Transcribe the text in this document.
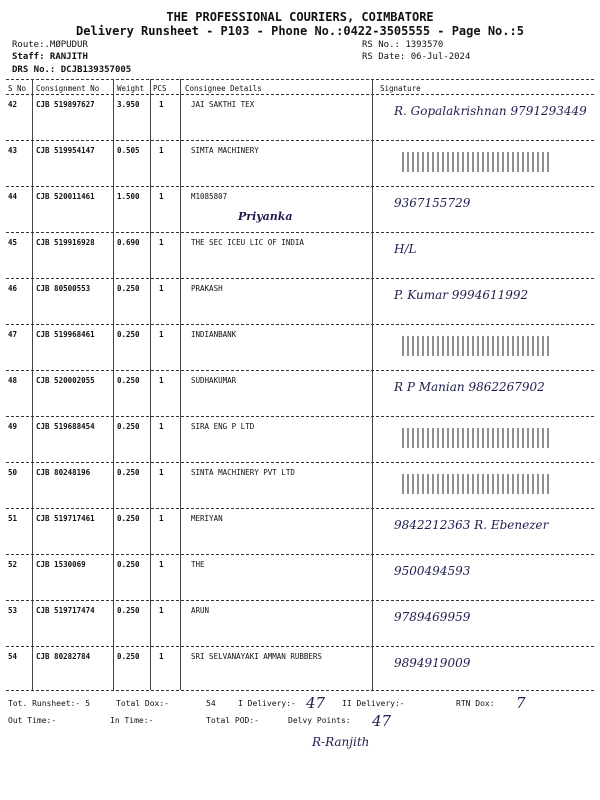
THE PROFESSIONAL COURIERS, COIMBATORE
Delivery Runsheet - P103 - Phone No.:0422-3505555 - Page No.:5
Route:.MØPUDUR
Staff: RANJITH
DRS No.: DCJB139357005
RS No.: 1393570
RS Date: 06-Jul-2024
S No Consignment No Weight PCS Consignee Details	Signature
42	CJB 519897627	3.950	1	JAI SAKTHI TEX	R. Gopalakrishnan 9791293449
43	CJB 519954147	0.505	1	SIMTA MACHINERY
44	CJB 520011461	1.500	1	M1085807
Priyanka
9367155729
45	CJB 519916928	0.690	1	THE SEC ICEU LIC OF INDIA	H/L
46	CJB 80500553	0.250	1	PRAKASH	P. Kumar 9994611992
47	CJB 519968461	0.250	1	INDIANBANK
48	CJB 520002055	0.250	1	SUDHAKUMAR	R P Manian 9862267902
49	CJB 519688454	0.250	1	SIRA ENG P LTD
50	CJB 80248196	0.250	1	SINTA MACHINERY PVT LTD
51	CJB 519717461	0.250	1	MERIYAN	9842212363 R. Ebenezer
52	CJB 1530069	0.250	1	THE	9500494593
53	CJB 519717474	0.250	1	ARUN	9789469959
54	CJB 80282784	0.250	1	SRI SELVANAYAKI AMMAN RUBBERS	9894919009
Tot. Runsheet:- 5	Total Dox:-	54	I Delivery:- 47 II Delivery:-	RTN Dox: 7
Out Time:-	In Time:-	Total POD:-	Delvy Points: 47
R-Ranjith
